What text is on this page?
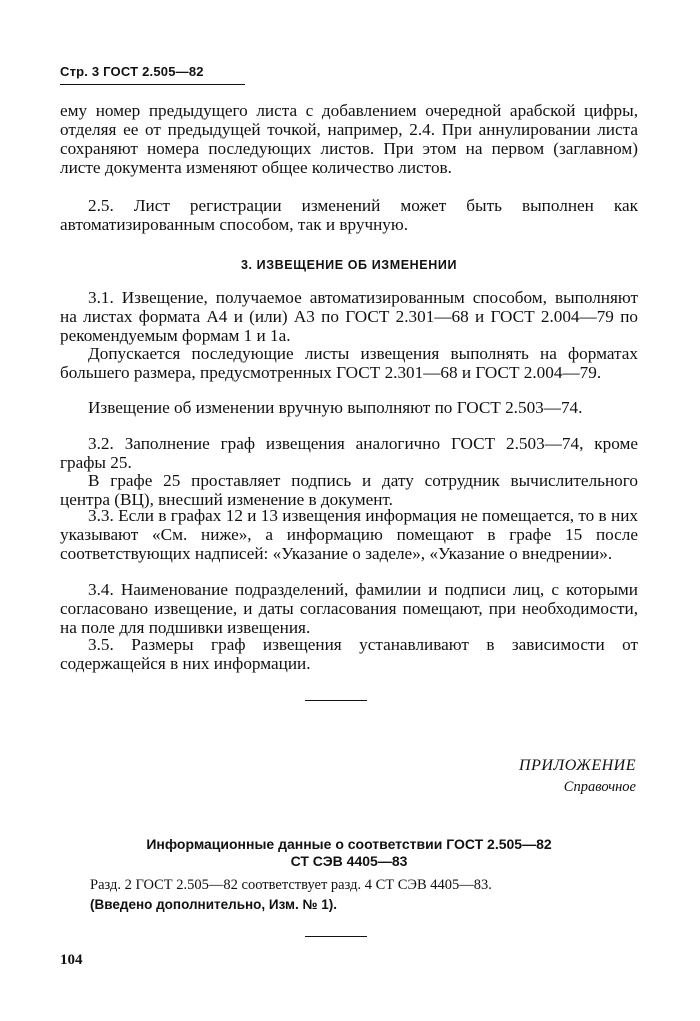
Стр. 3 ГОСТ 2.505—82

ему номер предыдущего листа с добавлением очередной арабской цифры, отделяя ее от предыдущей точкой, например, 2.4. При аннулировании листа сохраняют номера последующих листов. При этом на первом (заглавном) листе документа изменяют общее количество листов.

2.5. Лист регистрации изменений может быть выполнен как автоматизированным способом, так и вручную.

3. ИЗВЕЩЕНИЕ ОБ ИЗМЕНЕНИИ

3.1. Извещение, получаемое автоматизированным способом, выполняют на листах формата А4 и (или) А3 по ГОСТ 2.301—68 и ГОСТ 2.004—79 по рекомендуемым формам 1 и 1а.

Допускается последующие листы извещения выполнять на форматах большего размера, предусмотренных ГОСТ 2.301—68 и ГОСТ 2.004—79.

Извещение об изменении вручную выполняют по ГОСТ 2.503—74.

3.2. Заполнение граф извещения аналогично ГОСТ 2.503—74, кроме графы 25.

В графе 25 проставляет подпись и дату сотрудник вычислительного центра (ВЦ), внесший изменение в документ.

3.3. Если в графах 12 и 13 извещения информация не помещается, то в них указывают «См. ниже», а информацию помещают в графе 15 после соответствующих надписей: «Указание о заделе», «Указание о внедрении».

3.4. Наименование подразделений, фамилии и подписи лиц, с которыми согласовано извещение, и даты согласования помещают, при необходимости, на поле для подшивки извещения.

3.5. Размеры граф извещения устанавливают в зависимости от содержащейся в них информации.

ПРИЛОЖЕНИЕ
Справочное
Информационные данные о соответствии ГОСТ 2.505—82
СТ СЭВ 4405—83
Разд. 2 ГОСТ 2.505—82 соответствует разд. 4 СТ СЭВ 4405—83.
(Введено дополнительно, Изм. № 1).
104
